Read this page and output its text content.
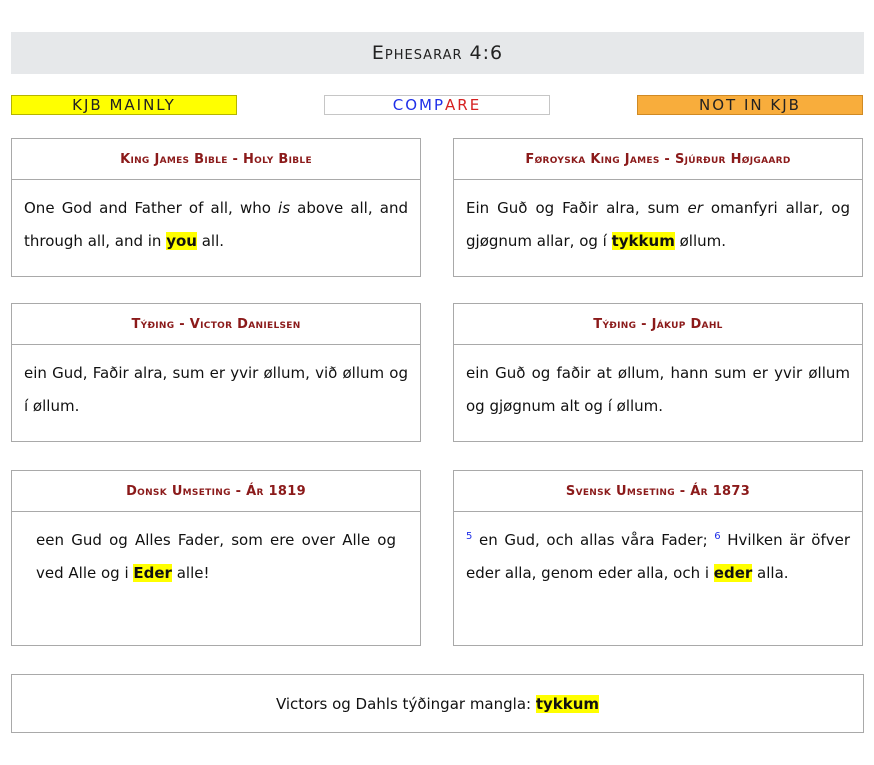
Ephesarar 4:6
KJB MAINLY	COMP ARE	NOT IN KJB
King James Bible - Holy Bible
One God and Father of all, who is above all, and through all, and in you all.
Føroyska King James - Sjúrður Højgaard
Ein Guð og Faðir alra, sum er omanfyri allar, og gjøgnum allar, og í tykkum øllum.
Týðing - Victor Danielsen
ein Gud, Faðir alra, sum er yvir øllum, við øllum og í øllum.
Týðing - Jákup Dahl
ein Guð og faðir at øllum, hann sum er yvir øllum og gjøgnum alt og í øllum.
Donsk Umseting - Ár 1819
een Gud og Alles Fader, som ere over Alle og ved Alle og i Eder alle!
Svensk Umseting - Ár 1873
$^5$ en Gud, och allas våra Fader; $^6$ Hvilken är öfver eder alla, genom eder alla, och i eder alla.
Victors og Dahls týðingar mangla:
tykkum
